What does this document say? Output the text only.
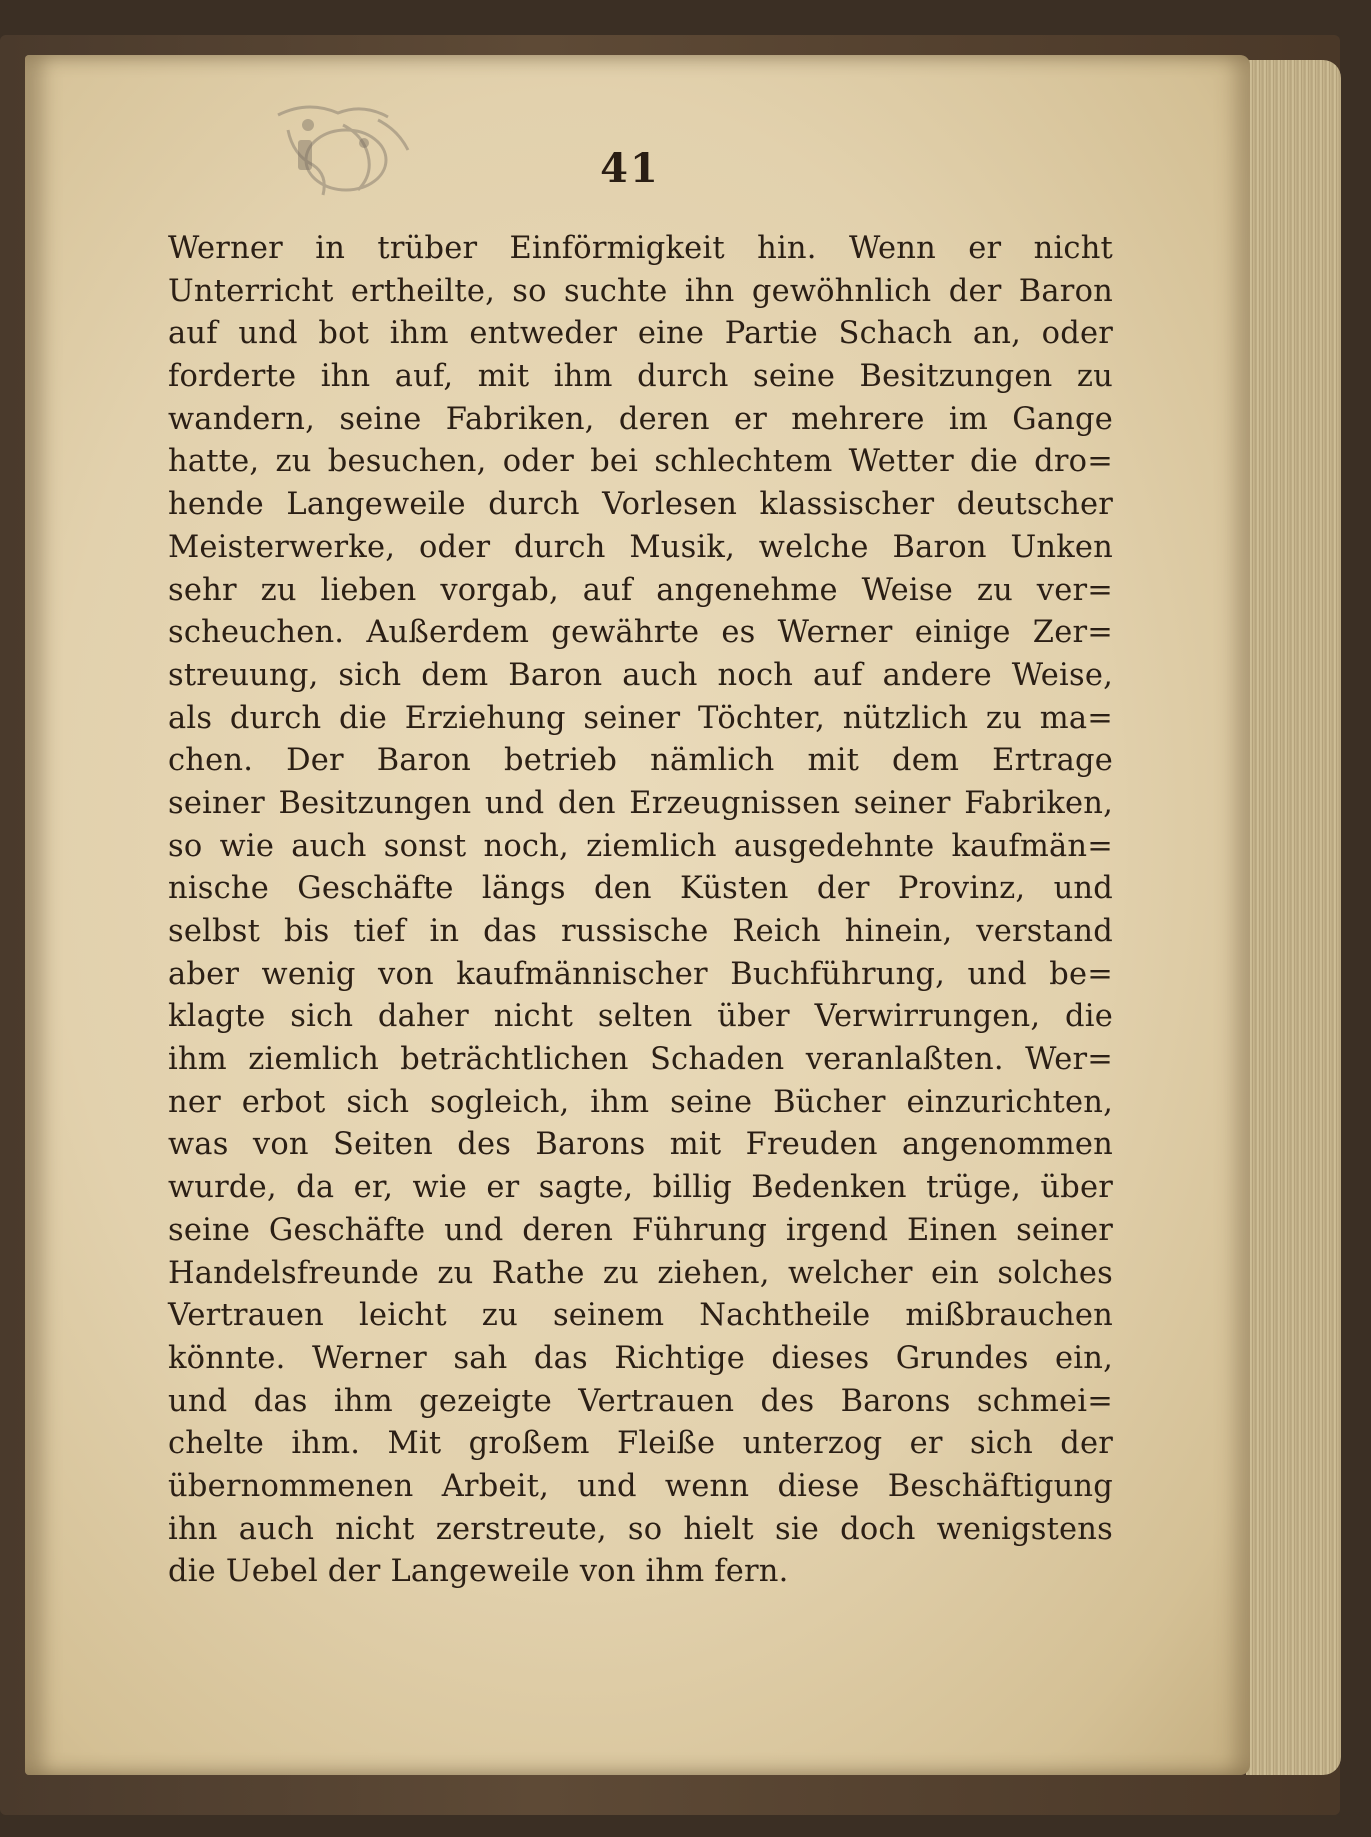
41
Werner in trüber Einförmigkeit hin. Wenn er nicht
Unterricht ertheilte, so suchte ihn gewöhnlich der Baron
auf und bot ihm entweder eine Partie Schach an, oder
forderte ihn auf, mit ihm durch seine Besitzungen zu
wandern, seine Fabriken, deren er mehrere im Gange
hatte, zu besuchen, oder bei schlechtem Wetter die dro=
hende Langeweile durch Vorlesen klassischer deutscher
Meisterwerke, oder durch Musik, welche Baron Unken
sehr zu lieben vorgab, auf angenehme Weise zu ver=
scheuchen. Außerdem gewährte es Werner einige Zer=
streuung, sich dem Baron auch noch auf andere Weise,
als durch die Erziehung seiner Töchter, nützlich zu ma=
chen. Der Baron betrieb nämlich mit dem Ertrage
seiner Besitzungen und den Erzeugnissen seiner Fabriken,
so wie auch sonst noch, ziemlich ausgedehnte kaufmän=
nische Geschäfte längs den Küsten der Provinz, und
selbst bis tief in das russische Reich hinein, verstand
aber wenig von kaufmännischer Buchführung, und be=
klagte sich daher nicht selten über Verwirrungen, die
ihm ziemlich beträchtlichen Schaden veranlaßten. Wer=
ner erbot sich sogleich, ihm seine Bücher einzurichten,
was von Seiten des Barons mit Freuden angenommen
wurde, da er, wie er sagte, billig Bedenken trüge, über
seine Geschäfte und deren Führung irgend Einen seiner
Handelsfreunde zu Rathe zu ziehen, welcher ein solches
Vertrauen leicht zu seinem Nachtheile mißbrauchen
könnte. Werner sah das Richtige dieses Grundes ein,
und das ihm gezeigte Vertrauen des Barons schmei=
chelte ihm. Mit großem Fleiße unterzog er sich der
übernommenen Arbeit, und wenn diese Beschäftigung
ihn auch nicht zerstreute, so hielt sie doch wenigstens
die Uebel der Langeweile von ihm fern.
